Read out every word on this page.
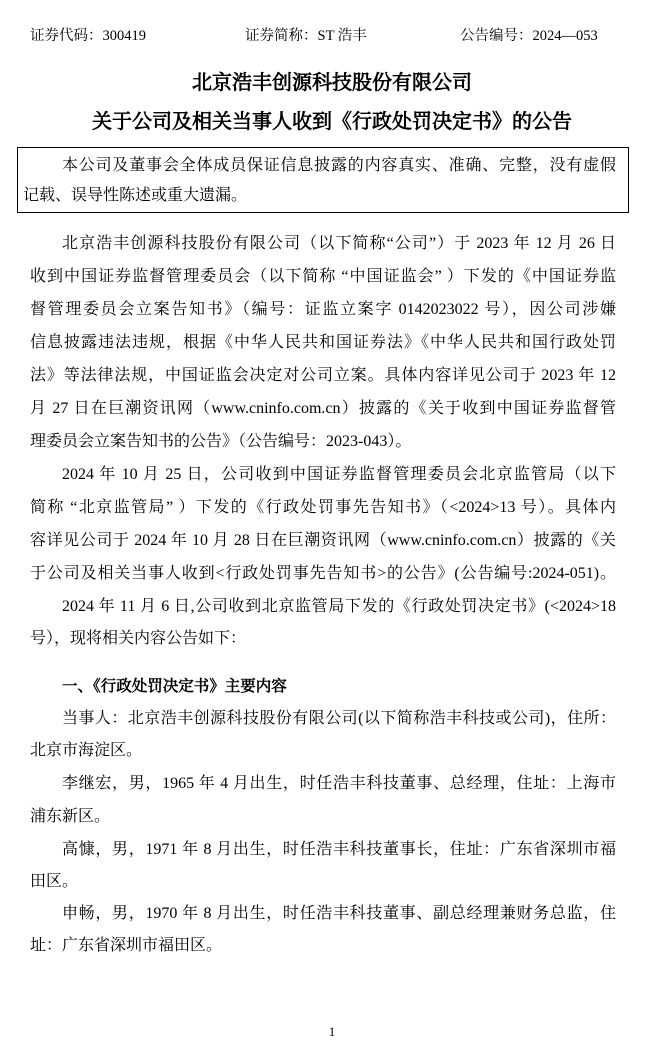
证券代码：300419	证券简称：ST 浩丰	公告编号：2024—053
北京浩丰创源科技股份有限公司
关于公司及相关当事人收到《行政处罚决定书》的公告
本公司及董事会全体成员保证信息披露的内容真实、准确、完整，没有虚假
记载、误导性陈述或重大遗漏。
北京浩丰创源科技股份有限公司（以下简称“公司”）于 2023 年 12 月 26 日
收到中国证券监督管理委员会（以下简称 “中国证监会” ）下发的《中国证券监
督管理委员会立案告知书》（编号：证监立案字 0142023022 号），因公司涉嫌
信息披露违法违规，根据《中华人民共和国证券法》《中华人民共和国行政处罚
法》等法律法规，中国证监会决定对公司立案。具体内容详见公司于 2023 年 12
月 27 日在巨潮资讯网（www.cninfo.com.cn）披露的《关于收到中国证券监督管
理委员会立案告知书的公告》（公告编号：2023-043）。
2024 年 10 月 25 日，公司收到中国证券监督管理委员会北京监管局（以下
简称 “北京监管局” ）下发的《行政处罚事先告知书》（<2024>13 号）。具体内
容详见公司于 2024 年 10 月 28 日在巨潮资讯网（www.cninfo.com.cn）披露的《关
于公司及相关当事人收到<行政处罚事先告知书>的公告》(公告编号:2024-051)。
2024 年 11 月 6 日,公司收到北京监管局下发的《行政处罚决定书》(<2024>18
号），现将相关内容公告如下：
一、《行政处罚决定书》主要内容
当事人：北京浩丰创源科技股份有限公司(以下简称浩丰科技或公司)，住所：
北京市海淀区。
李继宏，男，1965 年 4 月出生，时任浩丰科技董事、总经理，住址：上海市
浦东新区。
高慷，男，1971 年 8 月出生，时任浩丰科技董事长，住址：广东省深圳市福
田区。
申畅，男，1970 年 8 月出生，时任浩丰科技董事、副总经理兼财务总监，住
址：广东省深圳市福田区。
1
